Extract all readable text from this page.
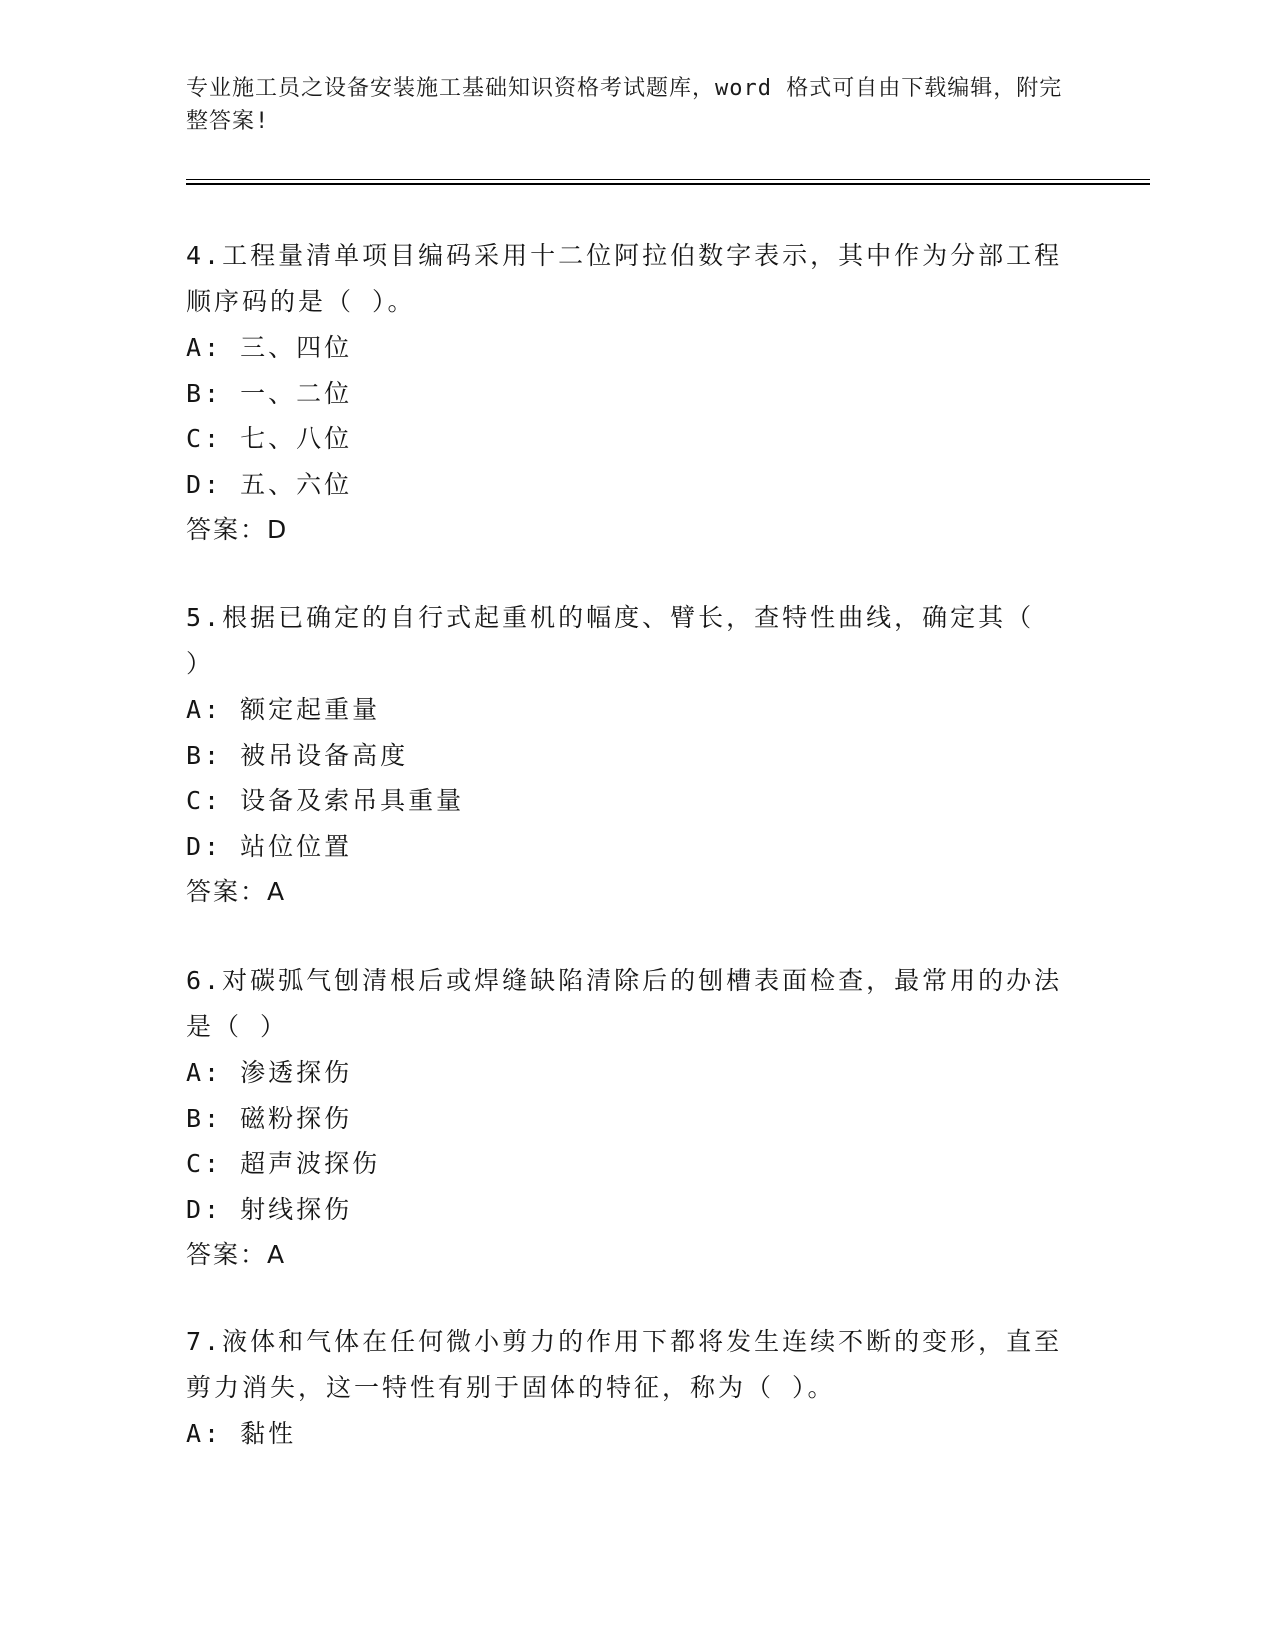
专业施工员之设备安装施工基础知识资格考试题库，word 格式可自由下载编辑，附完整答案!
4.工程量清单项目编码采用十二位阿拉伯数字表示，其中作为分部工程顺序码的是（ ）。
A: 三、四位
B: 一、二位
C: 七、八位
D: 五、六位
答案：D
5.根据已确定的自行式起重机的幅度、臂长，查特性曲线，确定其（ ）
A: 额定起重量
B: 被吊设备高度
C: 设备及索吊具重量
D: 站位位置
答案：A
6.对碳弧气刨清根后或焊缝缺陷清除后的刨槽表面检查，最常用的办法是（ ）
A: 渗透探伤
B: 磁粉探伤
C: 超声波探伤
D: 射线探伤
答案：A
7.液体和气体在任何微小剪力的作用下都将发生连续不断的变形，直至剪力消失，这一特性有别于固体的特征，称为（ ）。
A: 黏性
